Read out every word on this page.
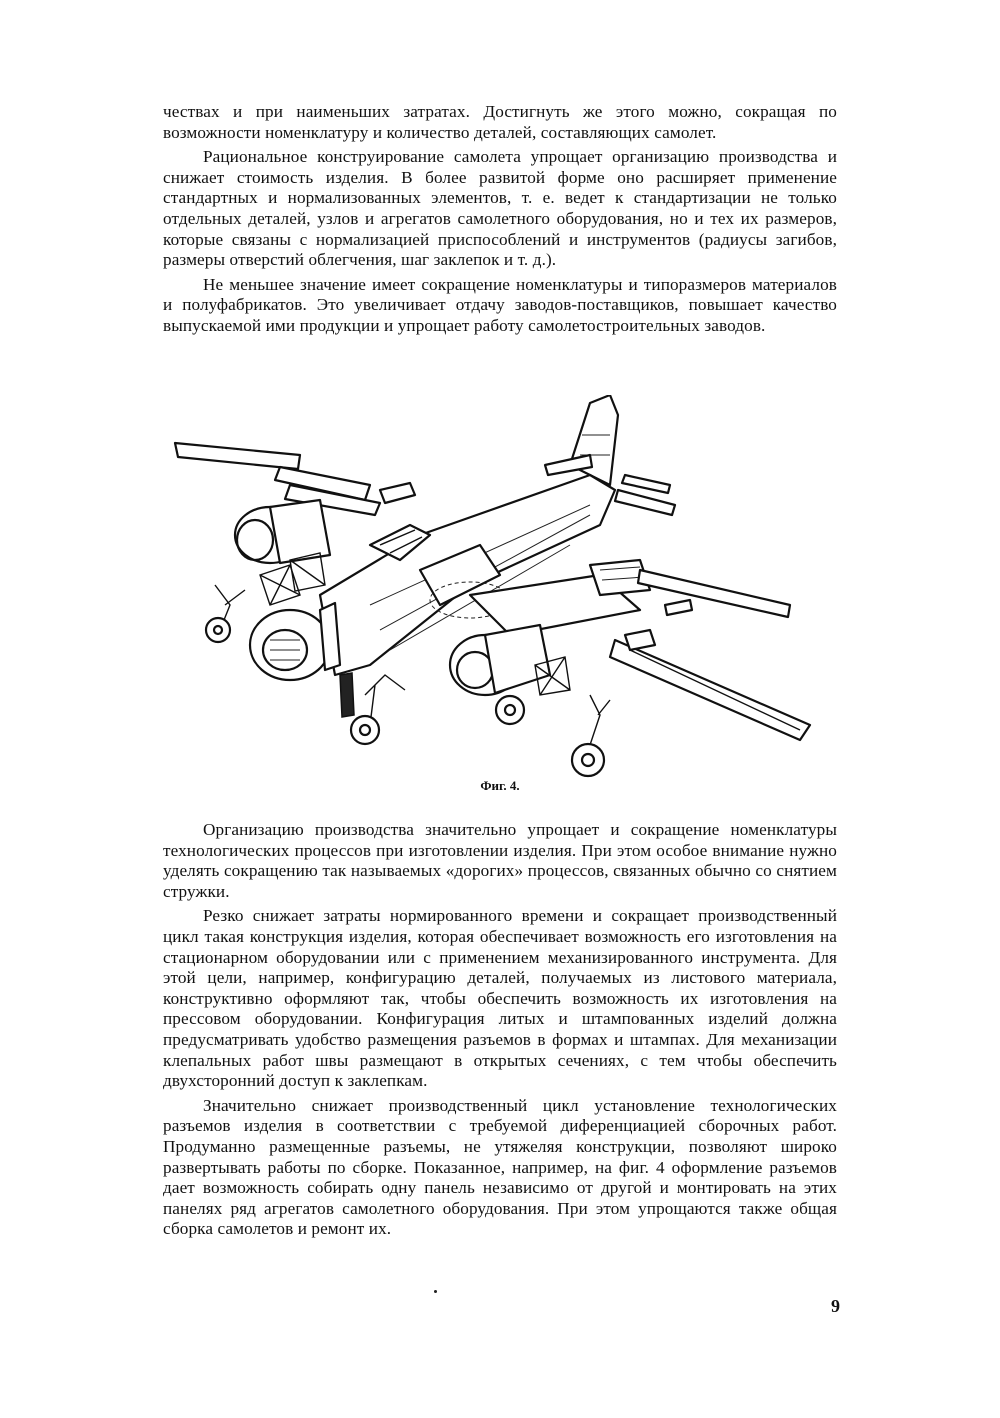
чествах и при наименьших затратах. Достигнуть же этого можно, сокращая по возможности номенклатуру и количество деталей, составляющих самолет.

Рациональное конструирование самолета упрощает организацию производства и снижает стоимость изделия. В более развитой форме оно расширяет применение стандартных и нормализованных элементов, т. е. ведет к стандартизации не только отдельных деталей, узлов и агрегатов самолетного оборудования, но и тех их размеров, которые связаны с нормализацией приспособлений и инструментов (радиусы загибов, размеры отверстий облегчения, шаг заклепок и т. д.).

Не меньшее значение имеет сокращение номенклатуры и типоразмеров материалов и полуфабрикатов. Это увеличивает отдачу заводов-поставщиков, повышает качество выпускаемой ими продукции и упрощает работу самолетостроительных заводов.

Фиг. 4.

Организацию производства значительно упрощает и сокращение номенклатуры технологических процессов при изготовлении изделия. При этом особое внимание нужно уделять сокращению так называемых «дорогих» процессов, связанных обычно со снятием стружки.

Резко снижает затраты нормированного времени и сокращает производственный цикл такая конструкция изделия, которая обеспечивает возможность его изготовления на стационарном оборудовании или с применением механизированного инструмента. Для этой цели, например, конфигурацию деталей, получаемых из листового материала, конструктивно оформляют так, чтобы обеспечить возможность их изготовления на прессовом оборудовании. Конфигурация литых и штампованных изделий должна предусматривать удобство размещения разъемов в формах и штампах. Для механизации клепальных работ швы размещают в открытых сечениях, с тем чтобы обеспечить двухсторонний доступ к заклепкам.

Значительно снижает производственный цикл установление технологических разъемов изделия в соответствии с требуемой диференциацией сборочных работ. Продуманно размещенные разъемы, не утяжеляя конструкции, позволяют широко развертывать работы по сборке. Показанное, например, на фиг. 4 оформление разъемов дает возможность собирать одну панель независимо от другой и монтировать на этих панелях ряд агрегатов самолетного оборудования. При этом упрощаются также общая сборка самолетов и ремонт их.

9
